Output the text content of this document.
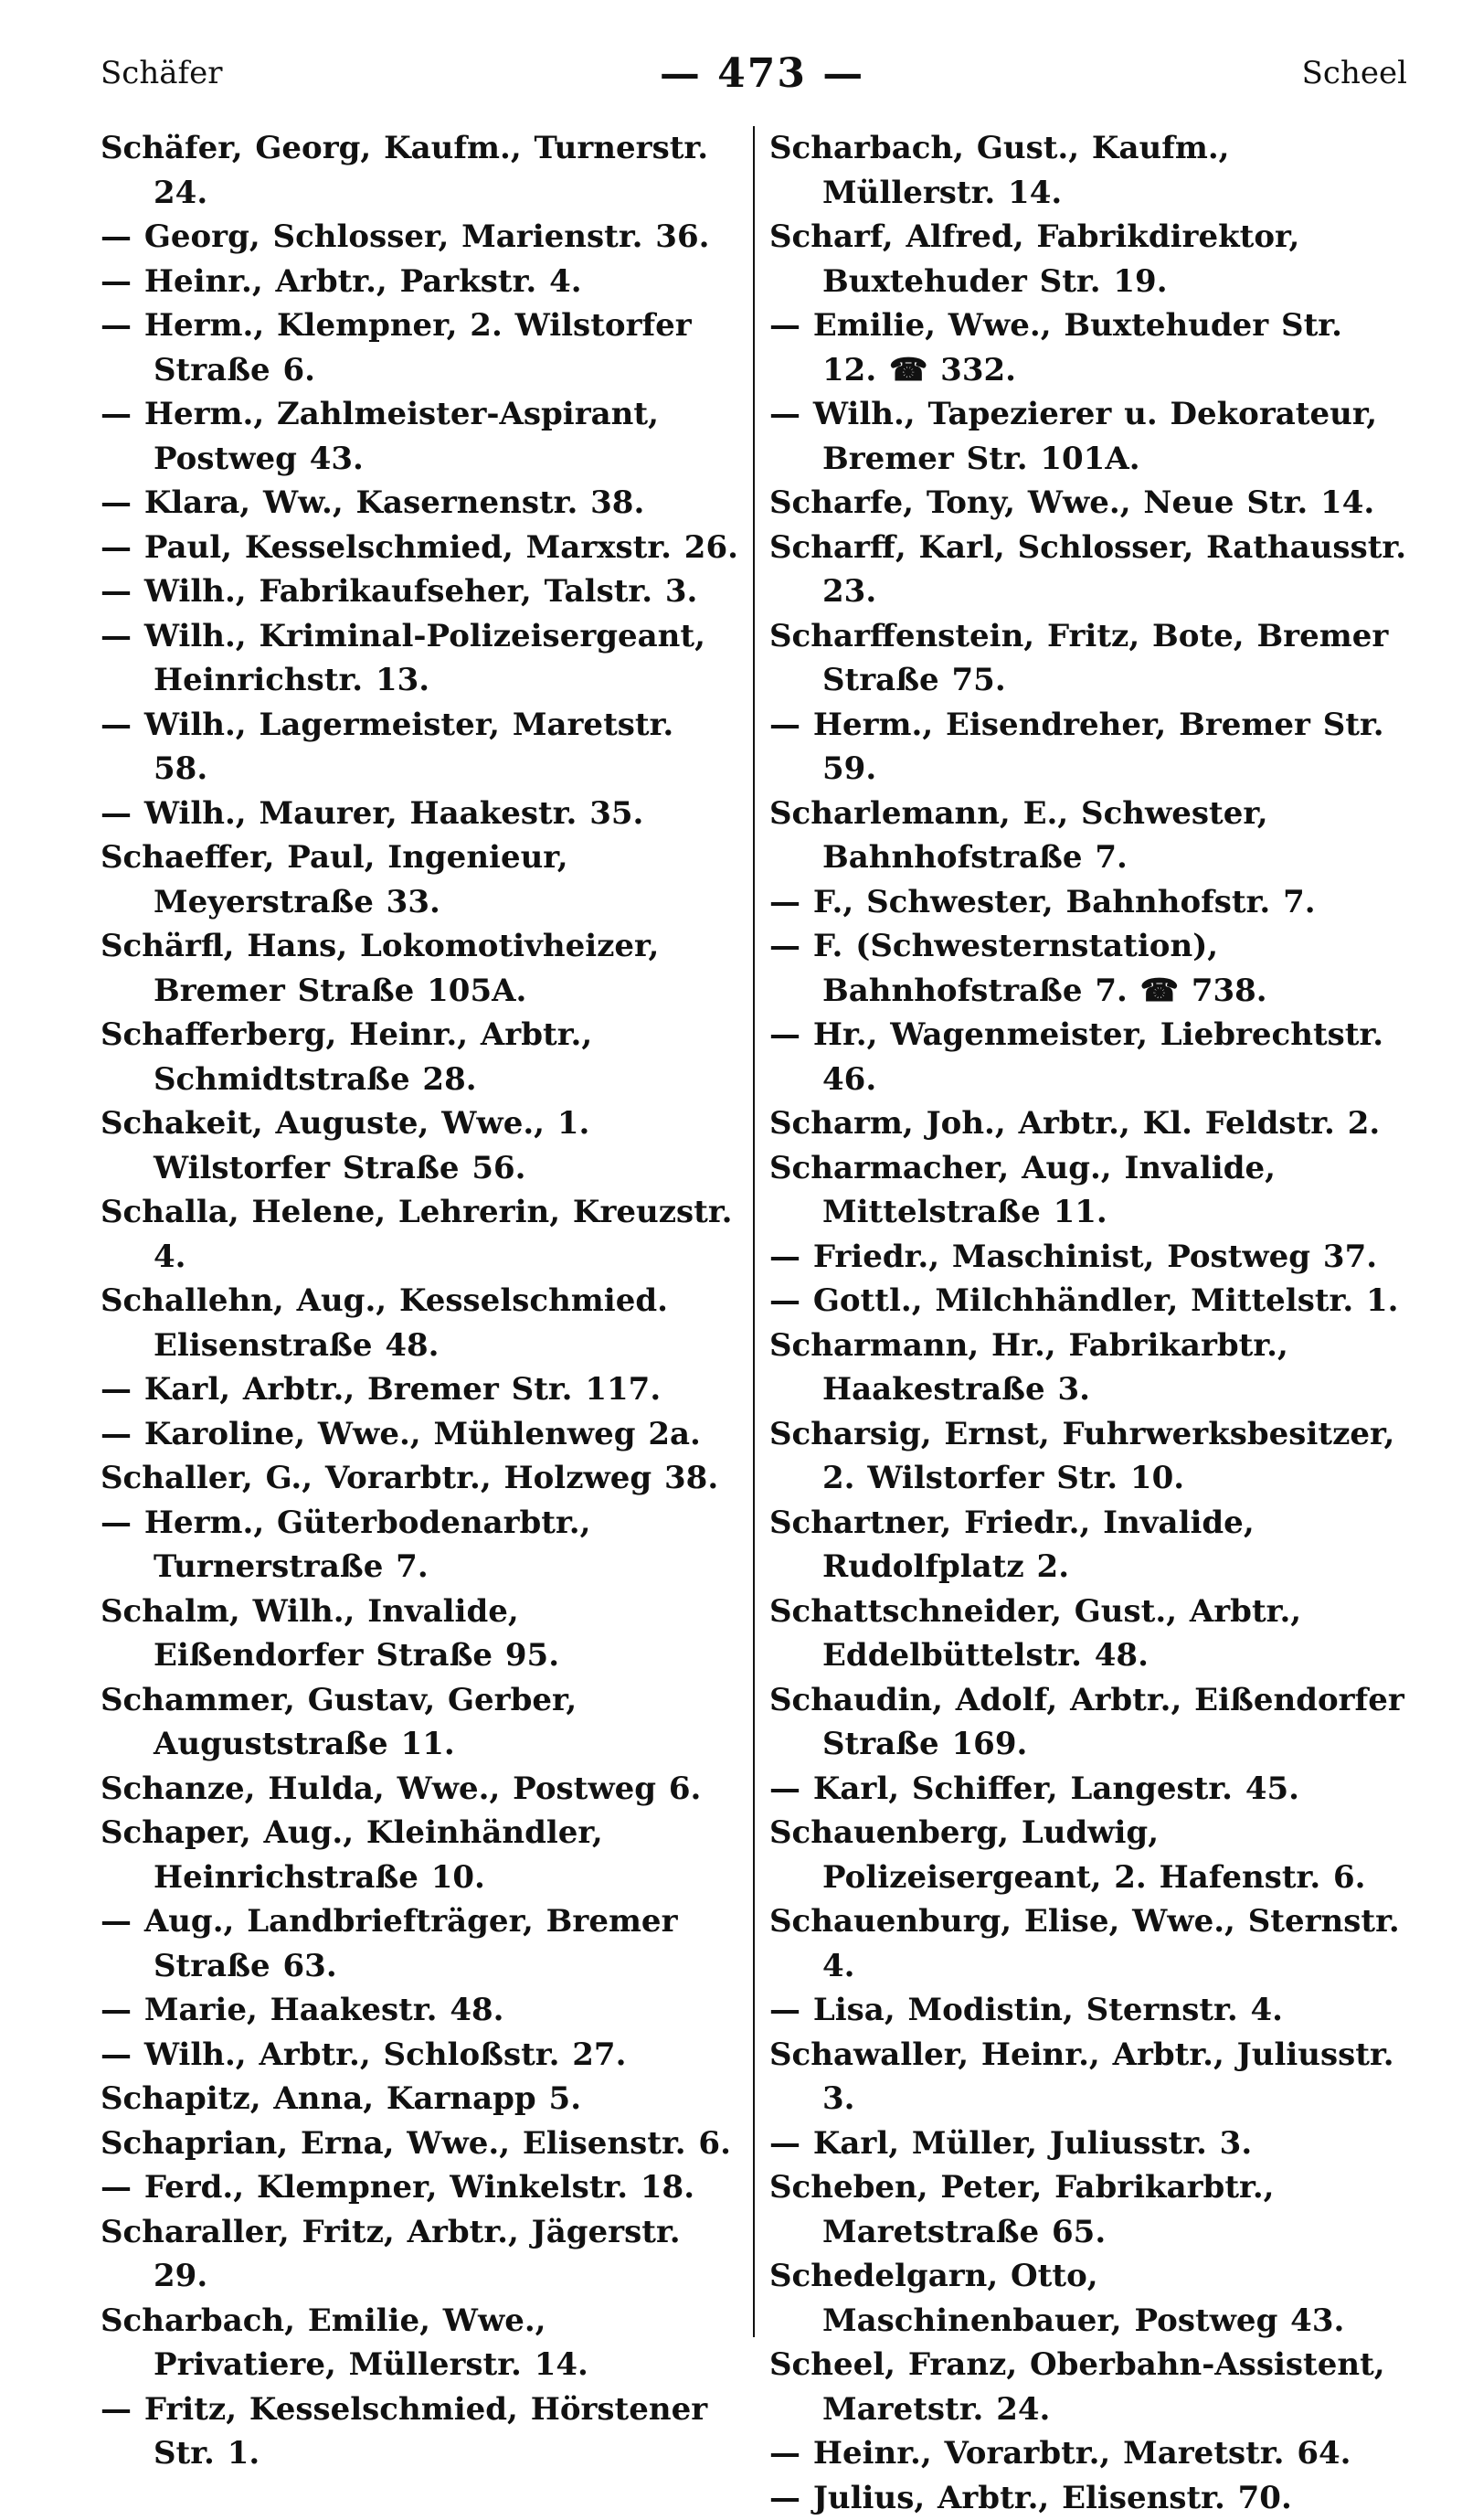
Schäfer	— 473 —	Scheel
Schäfer, Georg, Kaufm., Turnerstr. 24.
— Georg, Schlosser, Marienstr. 36.
— Heinr., Arbtr., Parkstr. 4.
— Herm., Klempner, 2. Wilstorfer Straße 6.
— Herm., Zahlmeister-Aspirant, Postweg 43.
— Klara, Ww., Kasernenstr. 38.
— Paul, Kesselschmied, Marxstr. 26.
— Wilh., Fabrikaufseher, Talstr. 3.
— Wilh., Kriminal-Polizeisergeant, Heinrichstr. 13.
— Wilh., Lagermeister, Maretstr. 58.
— Wilh., Maurer, Haakestr. 35.
Schaeffer, Paul, Ingenieur, Meyerstraße 33.
Schärfl, Hans, Lokomotivheizer, Bremer Straße 105A.
Schafferberg, Heinr., Arbtr., Schmidtstraße 28.
Schakeit, Auguste, Wwe., 1. Wilstorfer Straße 56.
Schalla, Helene, Lehrerin, Kreuzstr. 4.
Schallehn, Aug., Kesselschmied. Elisenstraße 48.
— Karl, Arbtr., Bremer Str. 117.
— Karoline, Wwe., Mühlenweg 2a.
Schaller, G., Vorarbtr., Holzweg 38.
— Herm., Güterbodenarbtr., Turnerstraße 7.
Schalm, Wilh., Invalide, Eißendorfer Straße 95.
Schammer, Gustav, Gerber, Auguststraße 11.
Schanze, Hulda, Wwe., Postweg 6.
Schaper, Aug., Kleinhändler, Heinrichstraße 10.
— Aug., Landbriefträger, Bremer Straße 63.
— Marie, Haakestr. 48.
— Wilh., Arbtr., Schloßstr. 27.
Schapitz, Anna, Karnapp 5.
Schaprian, Erna, Wwe., Elisenstr. 6.
— Ferd., Klempner, Winkelstr. 18.
Scharaller, Fritz, Arbtr., Jägerstr. 29.
Scharbach, Emilie, Wwe., Privatiere, Müllerstr. 14.
— Fritz, Kesselschmied, Hörstener Str. 1.
Scharbach, Gust., Kaufm., Müllerstr. 14.
Scharf, Alfred, Fabrikdirektor, Buxtehuder Str. 19.
— Emilie, Wwe., Buxtehuder Str. 12. ☎ 332.
— Wilh., Tapezierer u. Dekorateur, Bremer Str. 101A.
Scharfe, Tony, Wwe., Neue Str. 14.
Scharff, Karl, Schlosser, Rathausstr. 23.
Scharffenstein, Fritz, Bote, Bremer Straße 75.
— Herm., Eisendreher, Bremer Str. 59.
Scharlemann, E., Schwester, Bahnhofstraße 7.
— F., Schwester, Bahnhofstr. 7.
— F. (Schwesternstation), Bahnhofstraße 7. ☎ 738.
— Hr., Wagenmeister, Liebrechtstr. 46.
Scharm, Joh., Arbtr., Kl. Feldstr. 2.
Scharmacher, Aug., Invalide, Mittelstraße 11.
— Friedr., Maschinist, Postweg 37.
— Gottl., Milchhändler, Mittelstr. 1.
Scharmann, Hr., Fabrikarbtr., Haakestraße 3.
Scharsig, Ernst, Fuhrwerksbesitzer, 2. Wilstorfer Str. 10.
Schartner, Friedr., Invalide, Rudolfplatz 2.
Schattschneider, Gust., Arbtr., Eddelbüttelstr. 48.
Schaudin, Adolf, Arbtr., Eißendorfer Straße 169.
— Karl, Schiffer, Langestr. 45.
Schauenberg, Ludwig, Polizeisergeant, 2. Hafenstr. 6.
Schauenburg, Elise, Wwe., Sternstr. 4.
— Lisa, Modistin, Sternstr. 4.
Schawaller, Heinr., Arbtr., Juliusstr. 3.
— Karl, Müller, Juliusstr. 3.
Scheben, Peter, Fabrikarbtr., Maretstraße 65.
Schedelgarn, Otto, Maschinenbauer, Postweg 43.
Scheel, Franz, Oberbahn-Assistent, Maretstr. 24.
— Heinr., Vorarbtr., Maretstr. 64.
— Julius, Arbtr., Elisenstr. 70.
